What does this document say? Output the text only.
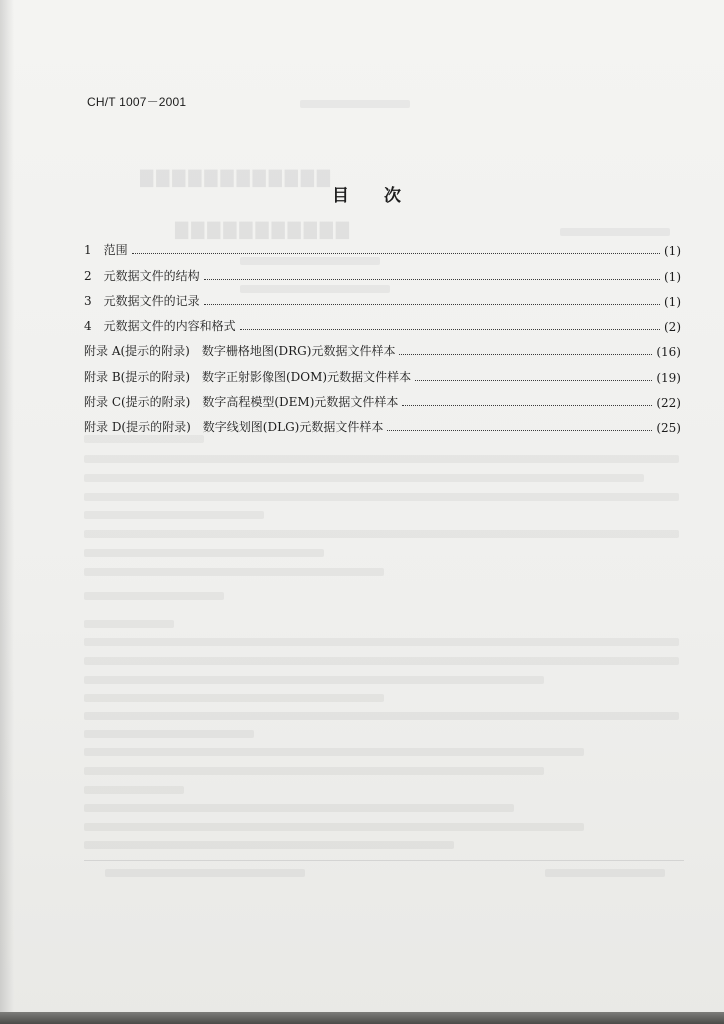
▇▇▇▇▇▇▇▇▇▇▇▇
▇▇▇▇▇▇▇▇▇▇▇
CH/T 1007－2001
目 次
1　范围	(1)
2　元数据文件的结构	(1)
3　元数据文件的记录	(1)
4　元数据文件的内容和格式	(2)
附录 A(提示的附录)　数字栅格地图(DRG)元数据文件样本	(16)
附录 B(提示的附录)　数字正射影像图(DOM)元数据文件样本	(19)
附录 C(提示的附录)　数字高程模型(DEM)元数据文件样本	(22)
附录 D(提示的附录)　数字线划图(DLG)元数据文件样本	(25)
